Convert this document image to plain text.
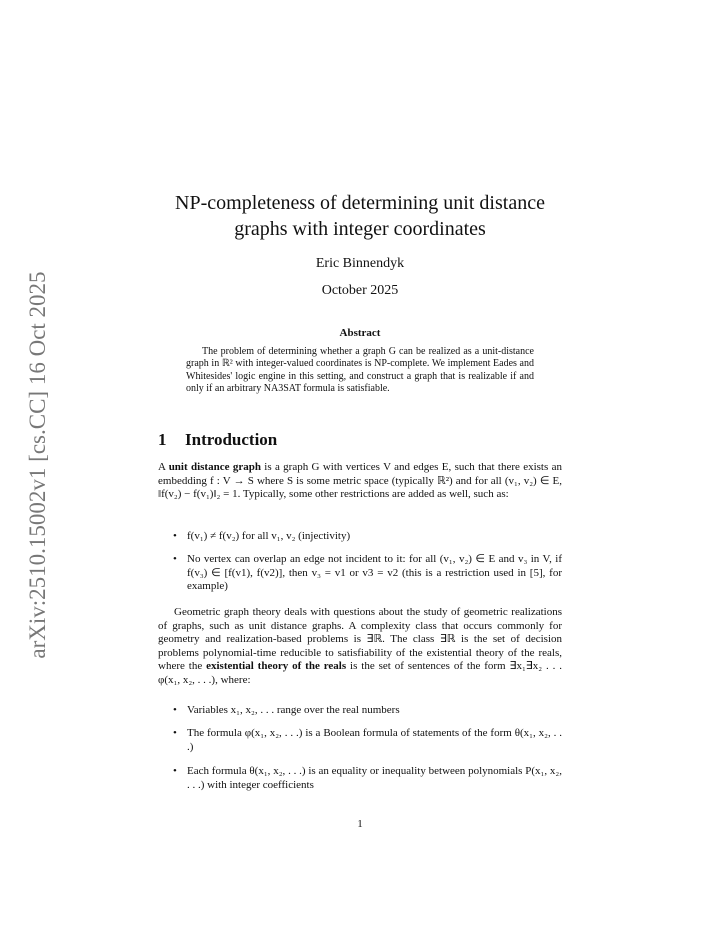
arXiv:2510.15002v1 [cs.CC] 16 Oct 2025
NP-completeness of determining unit distance
graphs with integer coordinates
Eric Binnendyk
October 2025
Abstract
The problem of determining whether a graph G can be realized as a unit-distance graph in ℝ² with integer-valued coordinates is NP-complete. We implement Eades and Whitesides' logic engine in this setting, and construct a graph that is realizable if and only if an arbitrary NA3SAT formula is satisfiable.
1 Introduction
A unit distance graph is a graph G with vertices V and edges E, such that there exists an embedding f : V → S where S is some metric space (typically ℝ²) and for all (v₁, v₂) ∈ E, ‖f(v₂) − f(v₁)‖₂ = 1. Typically, some other restrictions are added as well, such as:
• f(v₁) ≠ f(v₂) for all v₁, v₂ (injectivity)
• No vertex can overlap an edge not incident to it: for all (v₁, v₂) ∈ E and v₃ in V, if f(v₃) ∈ [f(v1), f(v2)], then v₃ = v1 or v3 = v2 (this is a restriction used in [5], for example)
Geometric graph theory deals with questions about the study of geometric realizations of graphs, such as unit distance graphs. A complexity class that occurs commonly for geometry and realization-based problems is ∃ℝ. The class ∃ℝ is the set of decision problems polynomial-time reducible to satisfiability of the existential theory of the reals, where the existential theory of the reals is the set of sentences of the form ∃x₁∃x₂ . . . φ(x₁, x₂, . . .), where:
• Variables x₁, x₂, . . . range over the real numbers
• The formula φ(x₁, x₂, . . .) is a Boolean formula of statements of the form θ(x₁, x₂, . . .)
• Each formula θ(x₁, x₂, . . .) is an equality or inequality between polynomials P(x₁, x₂, . . .) with integer coefficients
1
